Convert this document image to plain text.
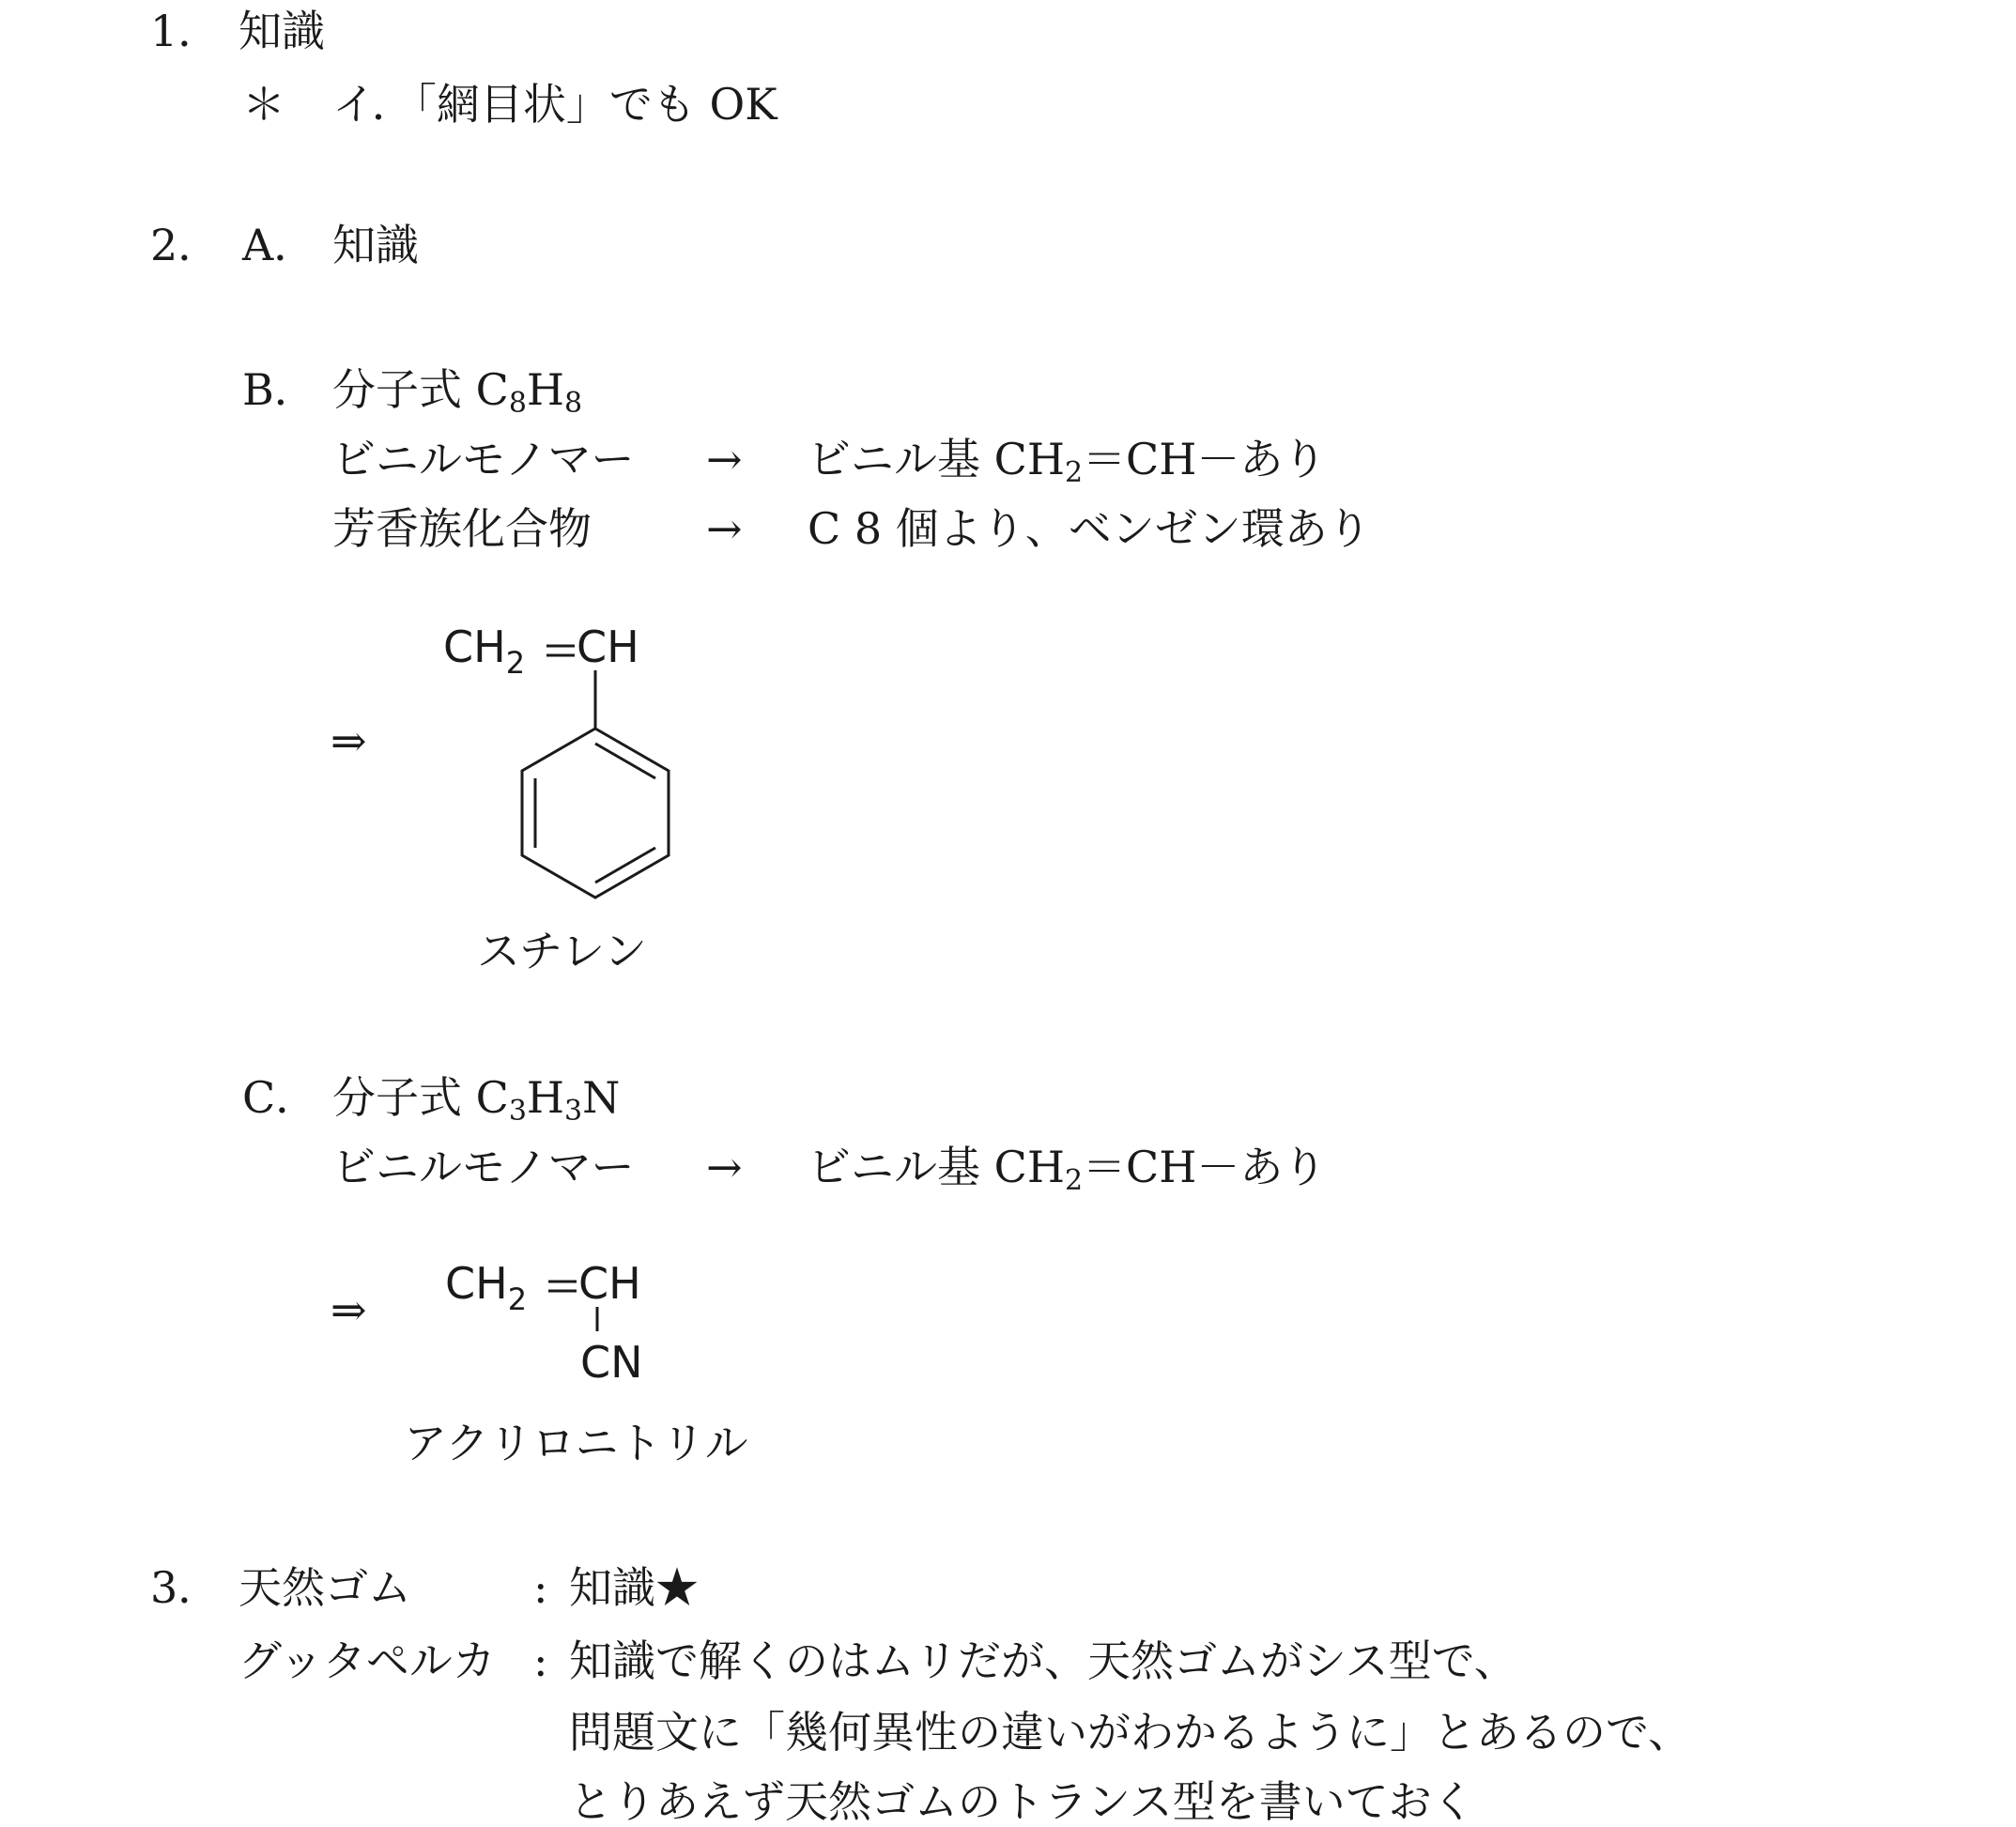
1． 知識
＊ イ．「網目状」でも OK
2． A． 知識
B． 分子式 $C_8H_8$
ビニルモノマー → ビニル基 $CH_2=CH-$あり
芳香族化合物	→ C 8 個より、ベンゼン環あり
⇒
$CH_2$ CH
スチレン
C． 分子式 $C_3H_3N$
ビニルモノマー → ビニル基 $CH_2=CH-$あり
⇒
$CH_2$ CH
CN
アクリロニトリル
3． 天然ゴム	: 知識★
グッタペルカ : 知識で解くのはムリだが、天然ゴムがシス型で、
問題文に「幾何異性の違いがわかるように」とあるので、
とりあえず天然ゴムのトランス型を書いておく
